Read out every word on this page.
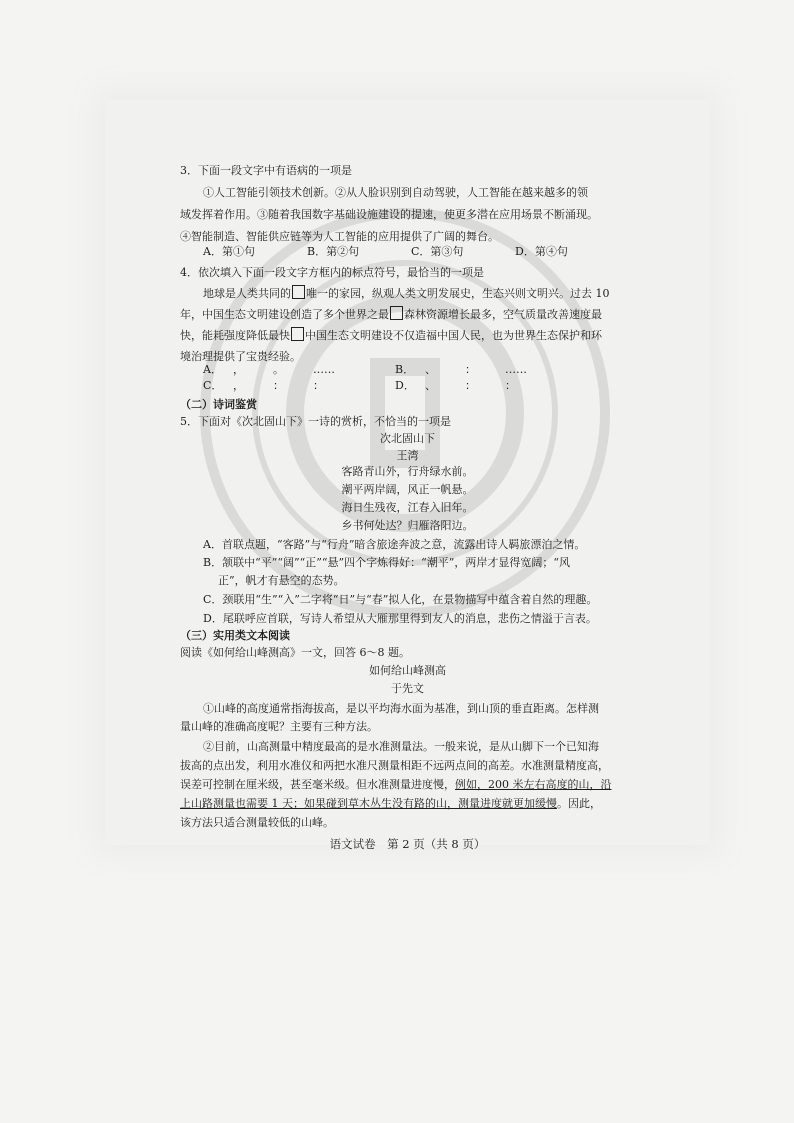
3．下面一段文字中有语病的一项是
①人工智能引领技术创新。②从人脸识别到自动驾驶，人工智能在越来越多的领
域发挥着作用。③随着我国数字基础设施建设的提速，使更多潜在应用场景不断涌现。
④智能制造、智能供应链等为人工智能的应用提供了广阔的舞台。
A．第①句	B．第②句	C．第③句	D．第④句
4．依次填入下面一段文字方框内的标点符号，最恰当的一项是
地球是人类共同的 唯一的家园，纵观人类文明发展史，生态兴则文明兴。过去 10
年，中国生态文明建设创造了多个世界之最 森林资源增长最多，空气质量改善速度最
快，能耗强度降低最快 中国生态文明建设不仅造福中国人民，也为世界生态保护和环
境治理提供了宝贵经验。
A． ，	。	……	B． 、	：	……
C． ，	：	：	D． 、	：	：
（二）诗词鉴赏
5．下面对《次北固山下》一诗的赏析，不恰当的一项是
次北固山下
王湾
客路青山外，行舟绿水前。
潮平两岸阔，风正一帆悬。
海日生残夜，江春入旧年。
乡书何处达？归雁洛阳边。
A．首联点题，“客路”与“行舟”暗含旅途奔波之意，流露出诗人羁旅漂泊之情。
B．颔联中“平”“阔”“正”“悬”四个字炼得好：“潮平”，两岸才显得宽阔；“风
正”，帆才有悬空的态势。
C．颈联用“生”“入”二字将“日”与“春”拟人化，在景物描写中蕴含着自然的理趣。
D．尾联呼应首联，写诗人希望从大雁那里得到友人的消息，悲伤之情溢于言表。
（三）实用类文本阅读
阅读《如何给山峰测高》一文，回答 6～8 题。
如何给山峰测高
于先文
①山峰的高度通常指海拔高，是以平均海水面为基准，到山顶的垂直距离。怎样测
量山峰的准确高度呢？主要有三种方法。
②目前，山高测量中精度最高的是水准测量法。一般来说，是从山脚下一个已知海
拔高的点出发，利用水准仪和两把水准尺测量相距不远两点间的高差。水准测量精度高，
误差可控制在厘米级，甚至毫米级。但水准测量进度慢，例如，200 米左右高度的山，沿
上山路测量也需要 1 天；如果碰到草木丛生没有路的山，测量进度就更加缓慢。因此，
该方法只适合测量较低的山峰。
语文试卷　第 2 页（共 8 页）
